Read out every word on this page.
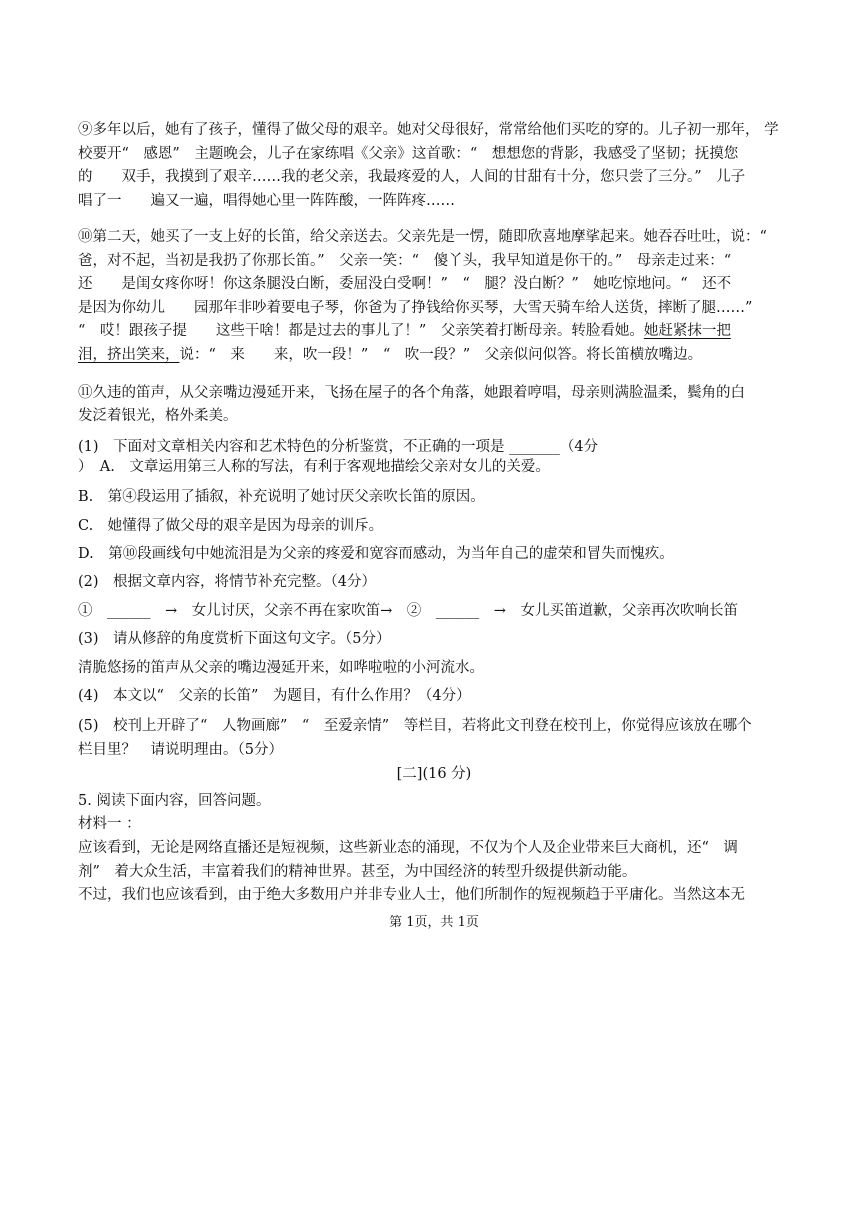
⑨多年以后，她有了孩子，懂得了做父母的艰辛。她对父母很好，常常给他们买吃的穿的。儿子初一那年， 学
校要开“　感恩”　主题晚会，儿子在家练唱《父亲》这首歌：“　想想您的背影，我感受了坚韧；抚摸您
的　　双手，我摸到了艰辛……我的老父亲，我最疼爱的人，人间的甘甜有十分，您只尝了三分。”　儿子
唱了一　　遍又一遍，唱得她心里一阵阵酸，一阵阵疼……
⑩第二天，她买了一支上好的长笛，给父亲送去。父亲先是一愣，随即欣喜地摩挲起来。她吞吞吐吐，说：“
爸，对不起，当初是我扔了你那长笛。”　父亲一笑：“　傻丫头，我早知道是你干的。”　母亲走过来：“
还　　是闺女疼你呀！你这条腿没白断，委屈没白受啊！”　“　腿？没白断？”　她吃惊地问。“　还不
是因为你幼儿　　园那年非吵着要电子琴，你爸为了挣钱给你买琴，大雪天骑车给人送货，摔断了腿……”
“　哎！跟孩子提　　这些干啥！都是过去的事儿了！”　父亲笑着打断母亲。转脸看她。她赶紧抹一把
泪，挤出笑来，说：“　来　　来，吹一段！”　“　吹一段？”　父亲似问似答。将长笛横放嘴边。
⑪久违的笛声，从父亲嘴边漫延开来，飞扬在屋子的各个角落，她跟着哼唱，母亲则满脸温柔，鬓角的白
发泛着银光，格外柔美。
(1)　下面对文章相关内容和艺术特色的分析鉴赏，不正确的一项是 _______（4分
）　A.　文章运用第三人称的写法，有利于客观地描绘父亲对女儿的关爱。
B.　第④段运用了插叙，补充说明了她讨厌父亲吹长笛的原因。
C.　她懂得了做父母的艰辛是因为母亲的训斥。
D.　第⑩段画线句中她流泪是为父亲的疼爱和宽容而感动，为当年自己的虚荣和冒失而愧疚。
(2)　根据文章内容，将情节补充完整。（4分）
①　______　→　女儿讨厌，父亲不再在家吹笛→　②　______　→　女儿买笛道歉，父亲再次吹响长笛
(3)　请从修辞的角度赏析下面这句文字。（5分）
清脆悠扬的笛声从父亲的嘴边漫延开来，如哗啦啦的小河流水。
(4)　本文以“　父亲的长笛”　为题目，有什么作用？（4分）
(5)　校刊上开辟了“　人物画廊”　“　至爱亲情”　等栏目，若将此文刊登在校刊上，你觉得应该放在哪个
栏目里？　请说明理由。（5分）
[二](16 分)
5. 阅读下面内容，回答问题。
材料一 ：
应该看到，无论是网络直播还是短视频，这些新业态的涌现，不仅为个人及企业带来巨大商机，还“　调
剂”　着大众生活，丰富着我们的精神世界。甚至，为中国经济的转型升级提供新动能。
不过，我们也应该看到，由于绝大多数用户并非专业人士，他们所制作的短视频趋于平庸化。当然这本无
第 1页，共 1页
